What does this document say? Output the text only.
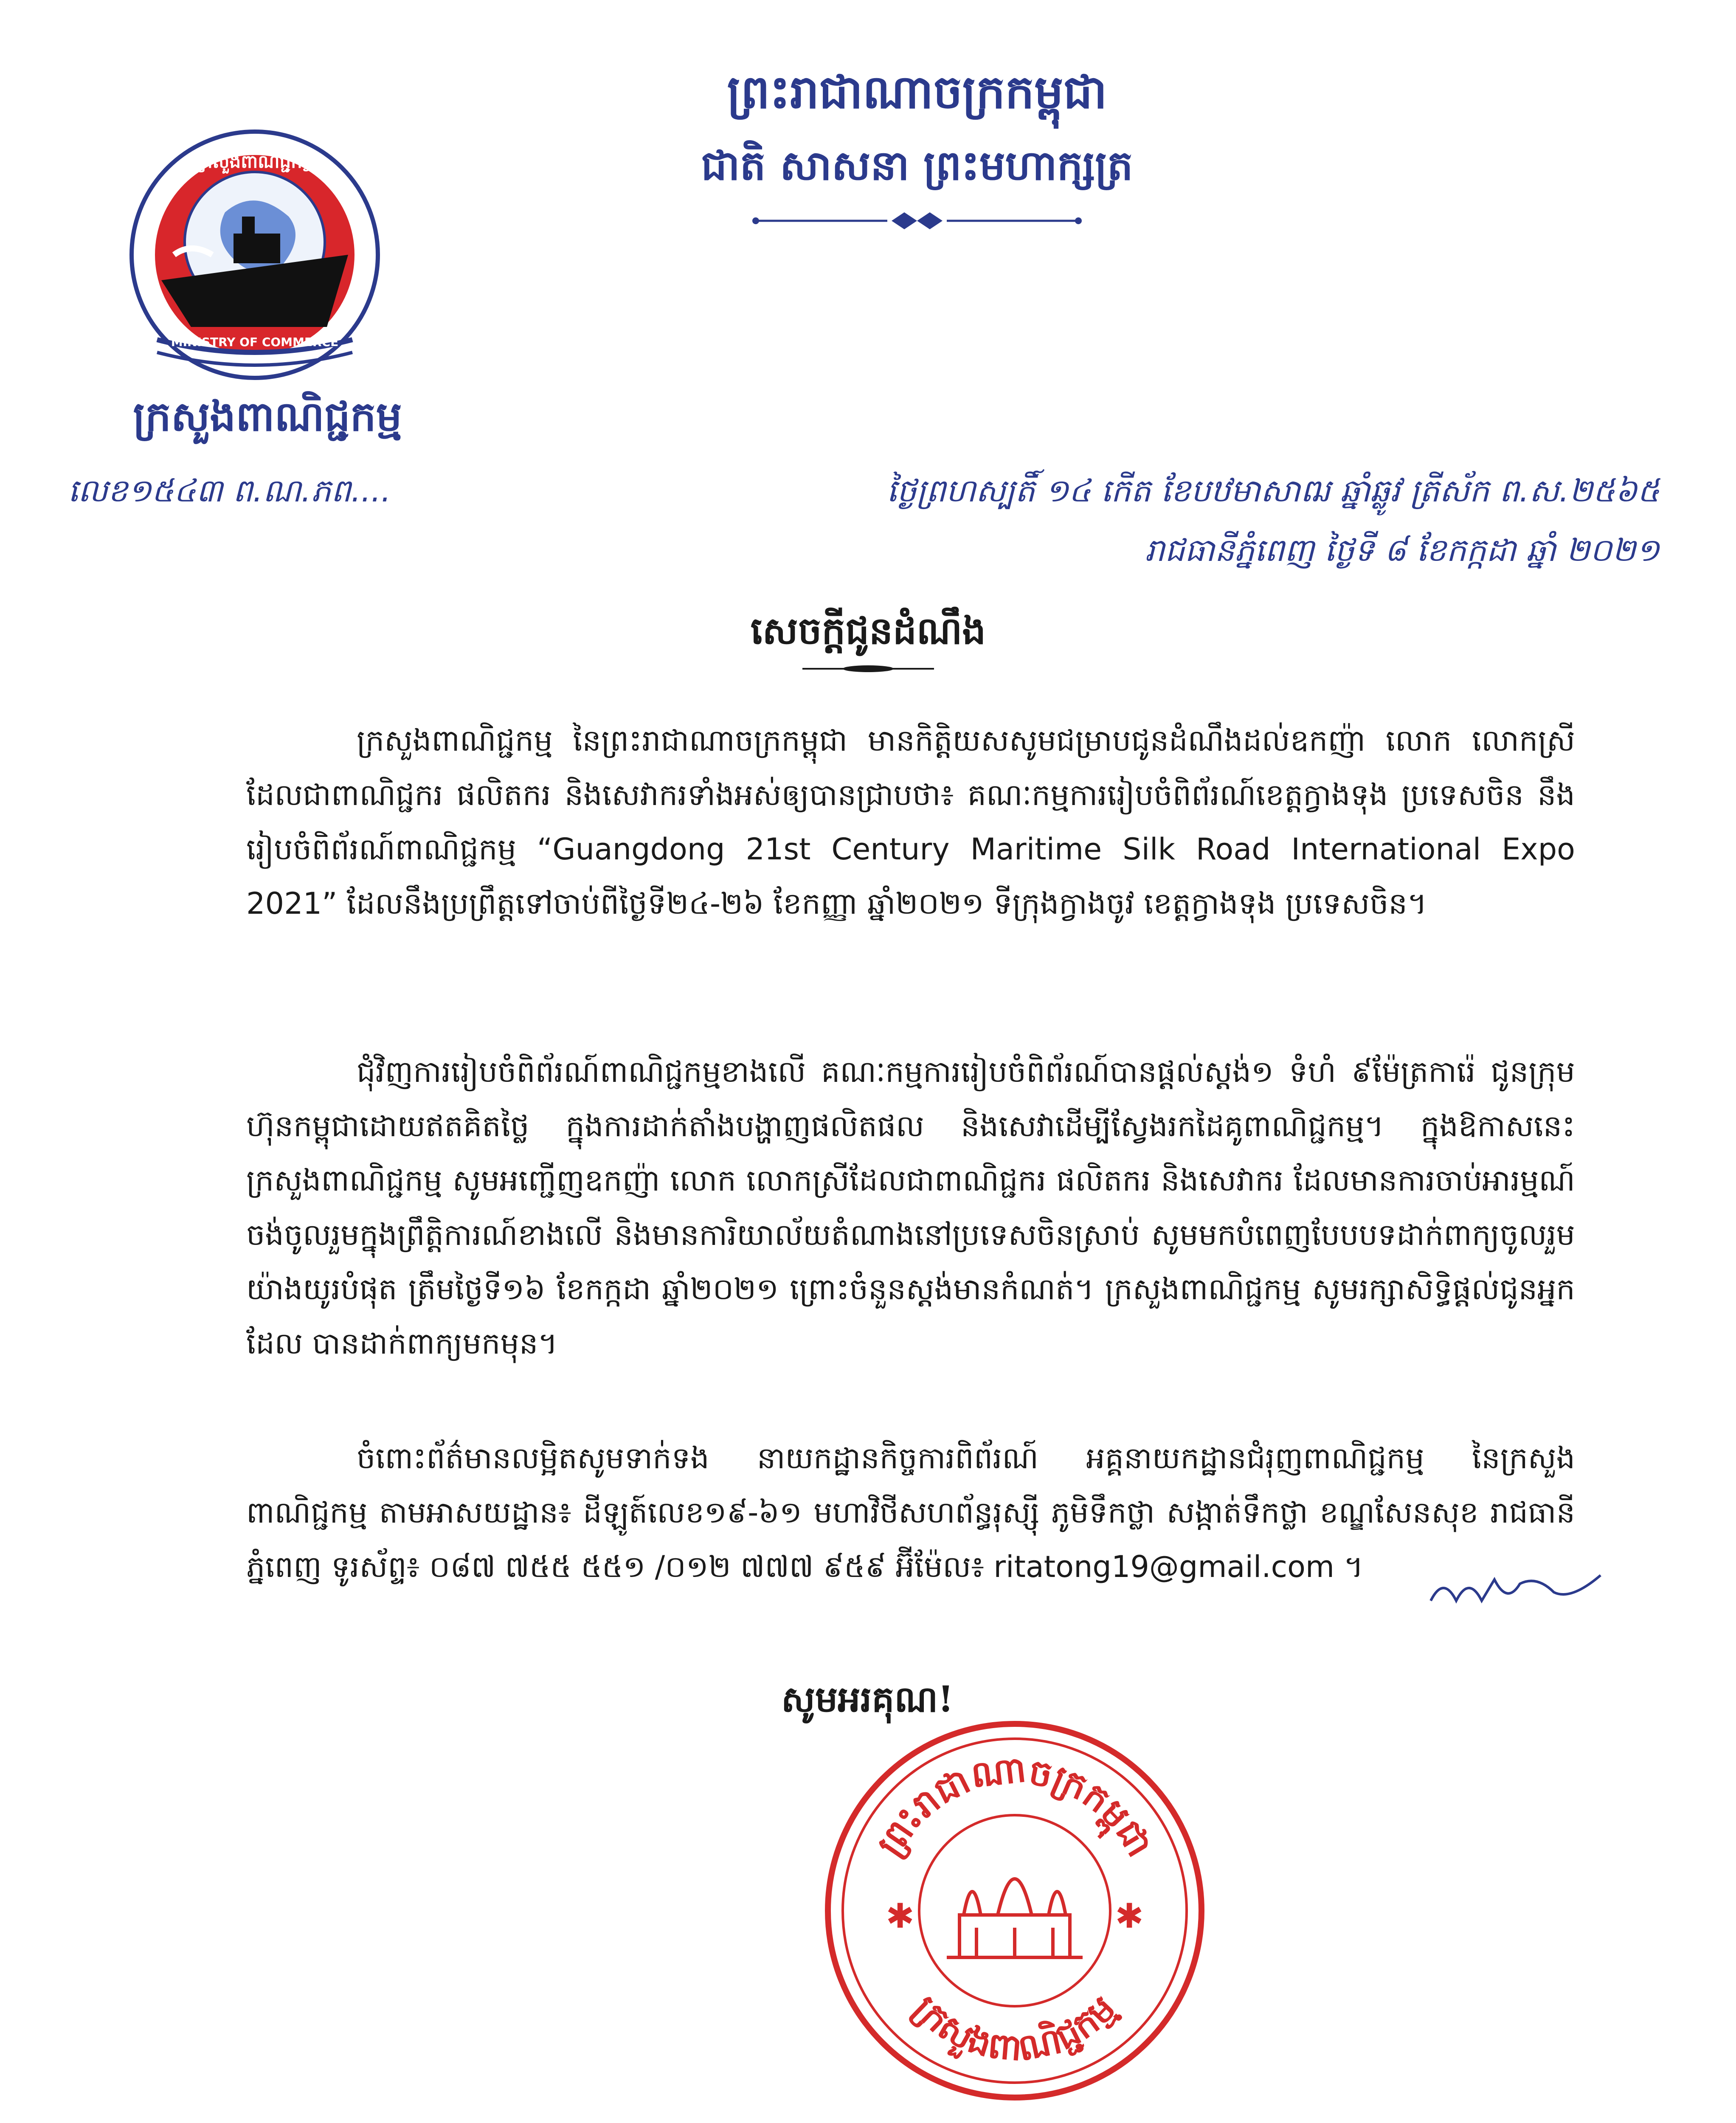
ព្រះរាជាណាចក្រកម្ពុជា
ជាតិ សាសនា ព្រះមហាក្សត្រ
ក្រសួងពាណិជ្ជកម្ម
MINISTRY OF COMMERCE
ក្រសួងពាណិជ្ជកម្ម
លេខ១៥៤៣ ព.ណ.ភព....	ថ្ងៃព្រហស្បតិ៍ ១៤ កើត ខែបឋមាសាឍ ឆ្នាំឆ្លូវ ត្រីស័ក ព.ស.២៥៦៥
រាជធានីភ្នំពេញ ថ្ងៃទី ៨ ខែកក្កដា ឆ្នាំ ២០២១
សេចក្តីជូនដំណឹង
ក្រសួងពាណិជ្ជកម្ម នៃព្រះរាជាណាចក្រកម្ពុជា មានកិត្តិយសសូមជម្រាបជូនដំណឹងដល់ឧកញ៉ា លោក លោកស្រីដែលជាពាណិជ្ជករ ផលិតករ និងសេវាករទាំងអស់ឲ្យបានជ្រាបថា៖ គណៈកម្មការរៀបចំពិព័រណ៍ខេត្តក្វាងទុង ប្រទេសចិន នឹងរៀបចំពិព័រណ៍ពាណិជ្ជកម្ម “Guangdong 21st Century Maritime Silk Road International Expo 2021” ដែលនឹងប្រព្រឹត្តទៅចាប់ពីថ្ងៃទី២៤-២៦ ខែកញ្ញា ឆ្នាំ២០២១ ទីក្រុងក្វាងចូវ ខេត្តក្វាងទុង ប្រទេសចិន។
ជុំវិញការរៀបចំពិព័រណ៍ពាណិជ្ជកម្មខាងលើ គណៈកម្មការរៀបចំពិព័រណ៍បានផ្តល់ស្តង់១ ទំហំ ៩ម៉ែត្រការ៉េ ជូនក្រុមហ៊ុនកម្ពុជាដោយឥតគិតថ្លៃ ក្នុងការដាក់តាំងបង្ហាញផលិតផល និងសេវាដើម្បីស្វែងរកដៃគូពាណិជ្ជកម្ម។ ក្នុងឱកាសនេះ ក្រសួងពាណិជ្ជកម្ម សូមអញ្ជើញឧកញ៉ា លោក លោកស្រីដែលជាពាណិជ្ជករ ផលិតករ និងសេវាករ ដែលមានការចាប់អារម្មណ៍ចង់ចូលរួមក្នុងព្រឹត្តិការណ៍ខាងលើ និងមានការិយាល័យតំណាងនៅប្រទេសចិនស្រាប់ សូមមកបំពេញបែបបទដាក់ពាក្យចូលរួមយ៉ាងយូរបំផុត ត្រឹមថ្ងៃទី១៦ ខែកក្កដា ឆ្នាំ២០២១ ព្រោះចំនួនស្តង់មានកំណត់។ ក្រសួងពាណិជ្ជកម្ម សូមរក្សាសិទ្ធិផ្តល់ជូនអ្នកដែល បានដាក់ពាក្យមកមុន។
ចំពោះព័ត៌មានលម្អិតសូមទាក់ទង នាយកដ្ឋានកិច្ចការពិព័រណ៍ អគ្គនាយកដ្ឋានជំរុញពាណិជ្ជកម្ម នៃក្រសួងពាណិជ្ជកម្ម តាមអាសយដ្ឋាន៖ ដីឡូត៍លេខ១៩-៦១ មហាវិថីសហព័ន្ធរុស្ស៊ី ភូមិទឹកថ្លា សង្កាត់ទឹកថ្លា ខណ្ឌសែនសុខ រាជធានីភ្នំពេញ ទូរស័ព្ទ៖ ០៨៧ ៧៥៥ ៥៥១ /០១២ ៧៧៧ ៩៥៩ អ៊ីម៉ែល៖ ritatong19@gmail.com ។
សូមអរគុណ!
ព្រះរាជាណាចក្រកម្ពុជា
ក្រសួងពាណិជ្ជកម្ម
✱	✱
